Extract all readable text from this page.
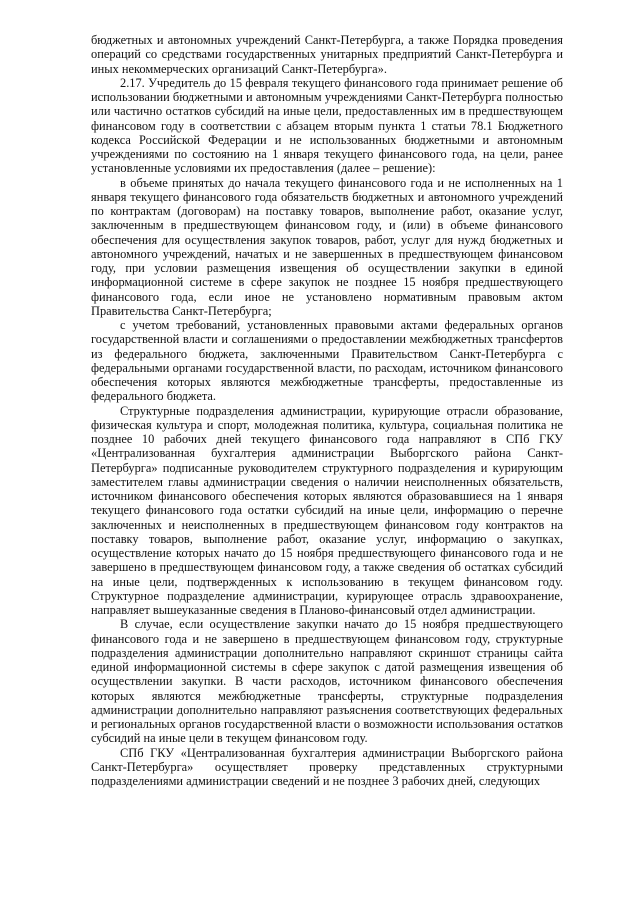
бюджетных и автономных учреждений Санкт-Петербурга, а также Порядка проведения операций со средствами государственных унитарных предприятий Санкт-Петербурга и иных некоммерческих организаций Санкт-Петербурга».

2.17. Учредитель до 15 февраля текущего финансового года принимает решение об использовании бюджетными и автономным учреждениями Санкт-Петербурга полностью или частично остатков субсидий на иные цели, предоставленных им в предшествующем финансовом году в соответствии с абзацем вторым пункта 1 статьи 78.1 Бюджетного кодекса Российской Федерации и не использованных бюджетными и автономным учреждениями по состоянию на 1 января текущего финансового года, на цели, ранее установленные условиями их предоставления (далее – решение):

в объеме принятых до начала текущего финансового года и не исполненных на 1 января текущего финансового года обязательств бюджетных и автономного учреждений по контрактам (договорам) на поставку товаров, выполнение работ, оказание услуг, заключенным в предшествующем финансовом году, и (или) в объеме финансового обеспечения для осуществления закупок товаров, работ, услуг для нужд бюджетных и автономного учреждений, начатых и не завершенных в предшествующем финансовом году, при условии размещения извещения об осуществлении закупки в единой информационной системе в сфере закупок не позднее 15 ноября предшествующего финансового года, если иное не установлено нормативным правовым актом Правительства Санкт-Петербурга;

с учетом требований, установленных правовыми актами федеральных органов государственной власти и соглашениями о предоставлении межбюджетных трансфертов из федерального бюджета, заключенными Правительством Санкт-Петербурга с федеральными органами государственной власти, по расходам, источником финансового обеспечения которых являются межбюджетные трансферты, предоставленные из федерального бюджета.

Структурные подразделения администрации, курирующие отрасли образование, физическая культура и спорт, молодежная политика, культура, социальная политика не позднее 10 рабочих дней текущего финансового года направляют в СПб ГКУ «Централизованная бухгалтерия администрации Выборгского района Санкт-Петербурга» подписанные руководителем структурного подразделения и курирующим заместителем главы администрации сведения о наличии неисполненных обязательств, источником финансового обеспечения которых являются образовавшиеся на 1 января текущего финансового года остатки субсидий на иные цели, информацию о перечне заключенных и неисполненных в предшествующем финансовом году контрактов на поставку товаров, выполнение работ, оказание услуг, информацию о закупках, осуществление которых начато до 15 ноября предшествующего финансового года и не завершено в предшествующем финансовом году, а также сведения об остатках субсидий на иные цели, подтвержденных к использованию в текущем финансовом году. Структурное подразделение администрации, курирующее отрасль здравоохранение, направляет вышеуказанные сведения в Планово-финансовый отдел администрации.

В случае, если осуществление закупки начато до 15 ноября предшествующего финансового года и не завершено в предшествующем финансовом году, структурные подразделения администрации дополнительно направляют скриншот страницы сайта единой информационной системы в сфере закупок с датой размещения извещения об осуществлении закупки. В части расходов, источником финансового обеспечения которых являются межбюджетные трансферты, структурные подразделения администрации дополнительно направляют разъяснения соответствующих федеральных и региональных органов государственной власти о возможности использования остатков субсидий на иные цели в текущем финансовом году.

СПб ГКУ «Централизованная бухгалтерия администрации Выборгского района Санкт-Петербурга» осуществляет проверку представленных структурными подразделениями администрации сведений и не позднее 3 рабочих дней, следующих
